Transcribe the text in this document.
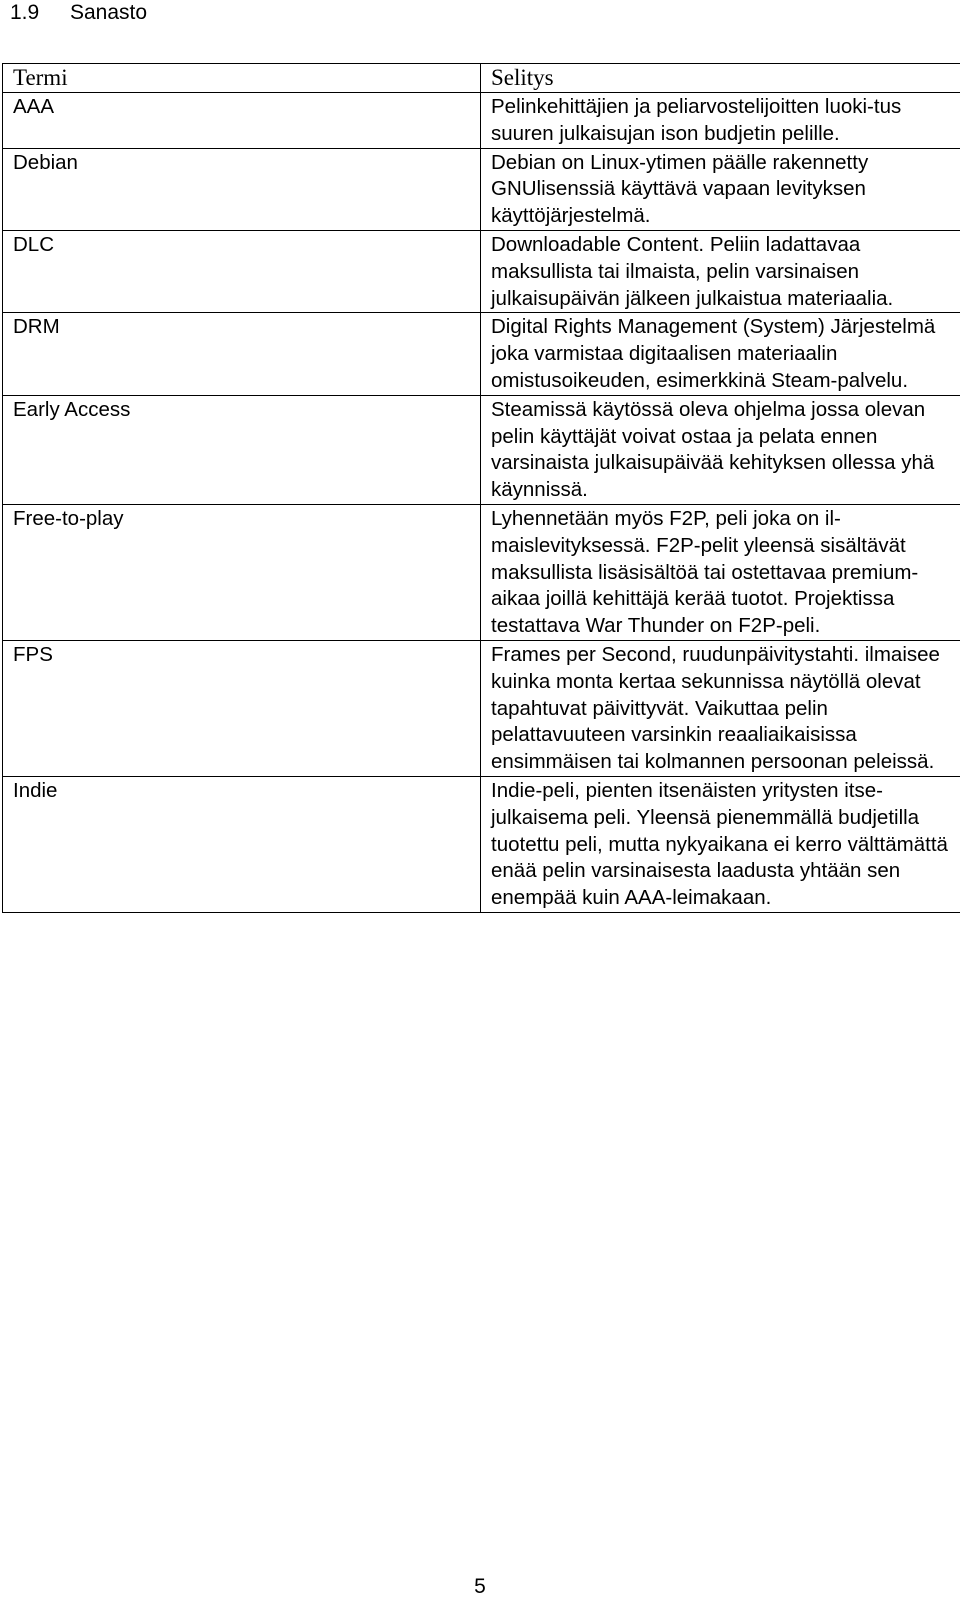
1.9	Sanasto
Termi	Selitys
AAA	Pelinkehittäjien ja peliarvostelijoitten luoki-tus suuren julkaisujan ison budjetin pelille.
Debian	Debian on Linux-ytimen päälle rakennetty GNUlisenssiä käyttävä vapaan levityksen käyttöjärjestelmä.
DLC	Downloadable Content. Peliin ladattavaa maksullista tai ilmaista, pelin varsinaisen julkaisupäivän jälkeen julkaistua materiaalia.
DRM	Digital Rights Management (System) Järjestelmä joka varmistaa digitaalisen materiaalin omistusoikeuden, esimerkkinä Steam-palvelu.
Early Access	Steamissä käytössä oleva ohjelma jossa olevan pelin käyttäjät voivat ostaa ja pelata ennen varsinaista julkaisupäivää kehityksen ollessa yhä käynnissä.
Free-to-play	Lyhennetään myös F2P, peli joka on ilmaislevityksessä. F2P-pelit yleensä sisältävät maksullista lisäsisältöä tai ostettavaa premium-aikaa joillä kehittäjä kerää tuotot. Projektissa testattava War Thunder on F2P-peli.
FPS	Frames per Second, ruudunpäivitystahti. ilmaisee kuinka monta kertaa sekunnissa näytöllä olevat tapahtuvat päivittyvät. Vaikuttaa pelin pelattavuuteen varsinkin reaaliaikaisissa ensimmäisen tai kolmannen persoonan peleissä.
Indie	Indie-peli, pienten itsenäisten yritysten itsejulkaisema peli. Yleensä pienemmällä budjetilla tuotettu peli, mutta nykyaikana ei kerro välttämättä enää pelin varsinaisesta laadusta yhtään sen enempää kuin AAA-leimakaan.
5
